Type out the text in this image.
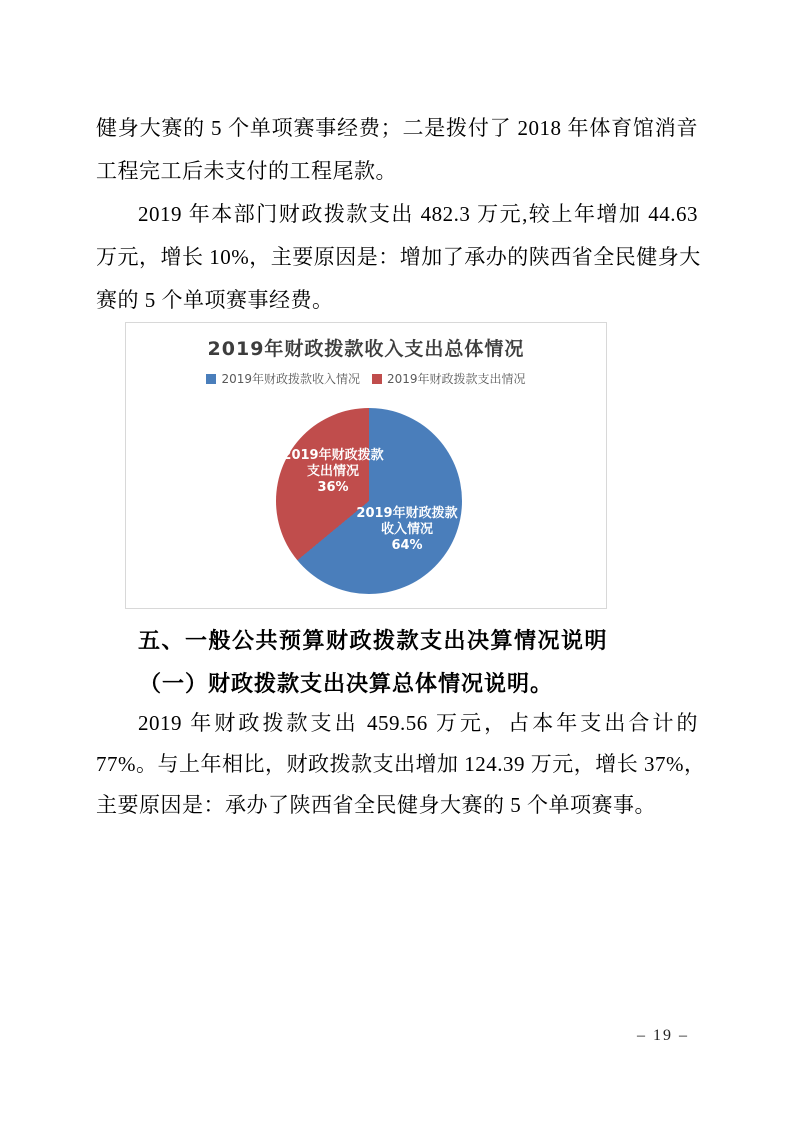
健身大赛的 5 个单项赛事经费；二是拨付了 2018 年体育馆消音
工程完工后未支付的工程尾款。
2019 年本部门财政拨款支出 482.3 万元,较上年增加 44.63
万元，增长 10%，主要原因是：增加了承办的陕西省全民健身大
赛的 5 个单项赛事经费。
2019年财政拨款收入支出总体情况
2019年财政拨款收入情况 2019年财政拨款支出情况
2019年财政拨款
支出情况
36%
2019年财政拨款
收入情况
64%
五、一般公共预算财政拨款支出决算情况说明
（一）财政拨款支出决算总体情况说明。
2019 年财政拨款支出 459.56 万元，占本年支出合计的
77%。与上年相比，财政拨款支出增加 124.39 万元，增长 37%，
主要原因是：承办了陕西省全民健身大赛的 5 个单项赛事。
– 19 –
